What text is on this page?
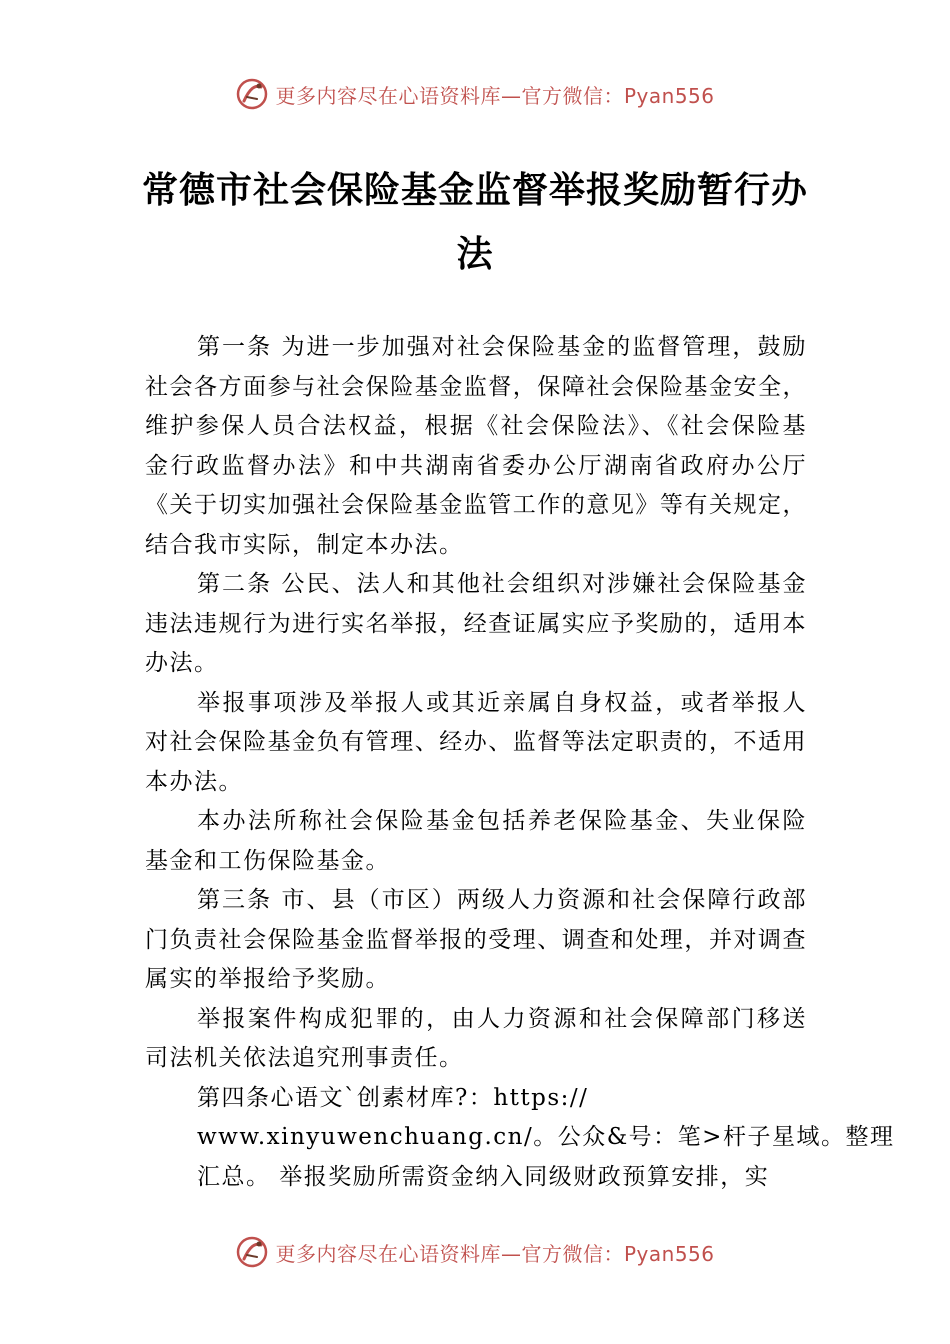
更多内容尽在心语资料库—官方微信：Pyan556
常德市社会保险基金监督举报奖励暂行办法

第一条 为进一步加强对社会保险基金的监督管理，鼓励社会各方面参与社会保险基金监督，保障社会保险基金安全，维护参保人员合法权益，根据《社会保险法》、《社会保险基金行政监督办法》和中共湖南省委办公厅湖南省政府办公厅《关于切实加强社会保险基金监管工作的意见》等有关规定，结合我市实际，制定本办法。

第二条 公民、法人和其他社会组织对涉嫌社会保险基金违法违规行为进行实名举报，经查证属实应予奖励的，适用本办法。

举报事项涉及举报人或其近亲属自身权益，或者举报人对社会保险基金负有管理、经办、监督等法定职责的，不适用本办法。

本办法所称社会保险基金包括养老保险基金、失业保险基金和工伤保险基金。

第三条 市、县（市区）两级人力资源和社会保障行政部门负责社会保险基金监督举报的受理、调查和处理，并对调查属实的举报给予奖励。

举报案件构成犯罪的，由人力资源和社会保障部门移送司法机关依法追究刑事责任。

第四条心语文`创素材库?：https://
www.xinyuwenchuang.cn/。公众&号：笔>杆子星域。整理
汇总。 举报奖励所需资金纳入同级财政预算安排，实
更多内容尽在心语资料库—官方微信：Pyan556
